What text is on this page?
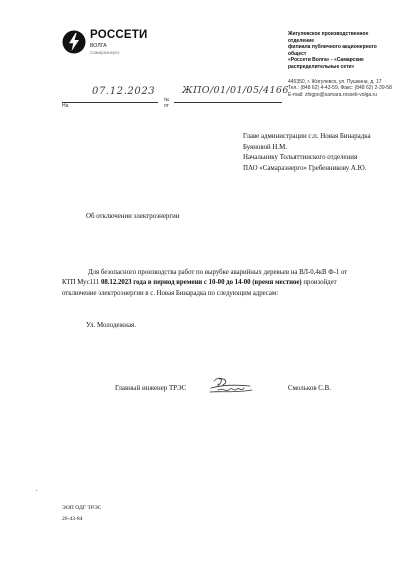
РОССЕТИ
ВОЛГА
Самараэнерго
Жигулевское производственное отделение
филиала публичного акционерного общест
«Россети Волга» - «Самарские
распределительные сети»
445350, г. Жигулевск, ул. Пушкина, д. 17
Тел.: (848 62) 4-43-59, Факс: (848 62) 2-39-58
E-mail: zhigpo@samara.rosseti-volga.ru
07.12.2023
№
ЖПО/01/01/05/4166
На	от
Главе администрации с.п. Новая Бинарадка
Буяновой Н.М.
Начальнику Тольяттинского отделения
ПАО «Самараэнерго» Гребенникову А.Ю.
Об отключении электроэнергии

Для безопасного производства работ по вырубке аварийных деревьев на ВЛ-0,4кВ Ф-1 от КТП Мус111 08.12.2023 года в период времени с 10-00 до 14-00 (время местное) произойдет отключение электроэнергии в с. Новая Бинарадка по следующим адресам:

Ул. Молодежная.
Главный инженер ТРЭС	Смольков С.В.
ЭОП ОДГ ТРЭС
26-43-84
